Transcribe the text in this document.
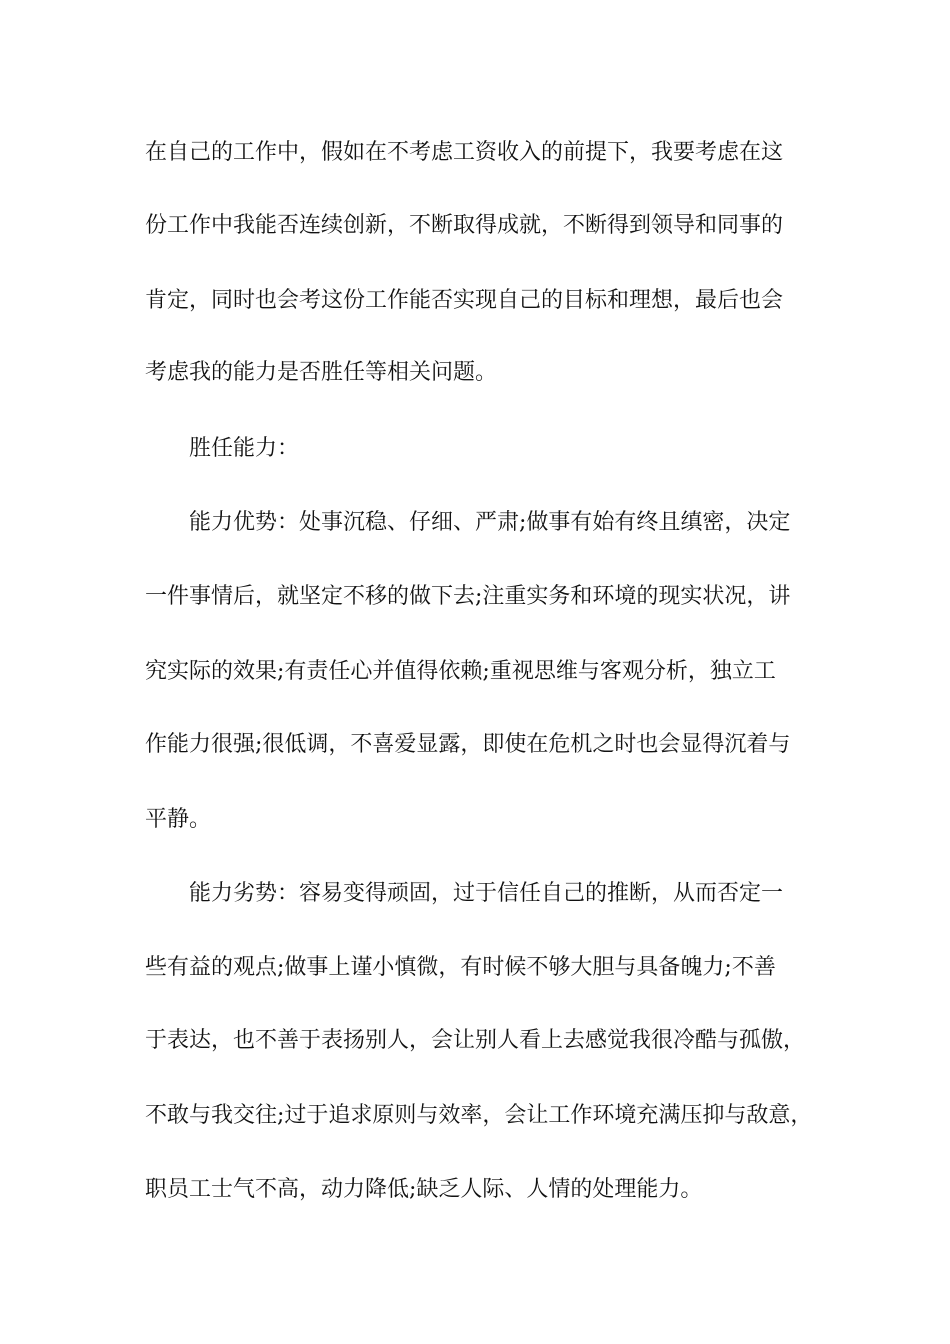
在自己的工作中，假如在不考虑工资收入的前提下，我要考虑在这
份工作中我能否连续创新，不断取得成就，不断得到领导和同事的
肯定，同时也会考这份工作能否实现自己的目标和理想，最后也会
考虑我的能力是否胜任等相关问题。
胜任能力：
能力优势：处事沉稳、仔细、严肃;做事有始有终且缜密，决定
一件事情后，就坚定不移的做下去;注重实务和环境的现实状况，讲
究实际的效果;有责任心并值得依赖;重视思维与客观分析，独立工
作能力很强;很低调，不喜爱显露，即使在危机之时也会显得沉着与
平静。
能力劣势：容易变得顽固，过于信任自己的推断，从而否定一
些有益的观点;做事上谨小慎微，有时候不够大胆与具备魄力;不善
于表达，也不善于表扬别人，会让别人看上去感觉我很冷酷与孤傲，
不敢与我交往;过于追求原则与效率，会让工作环境充满压抑与敌意，
职员工士气不高，动力降低;缺乏人际、人情的处理能力。
